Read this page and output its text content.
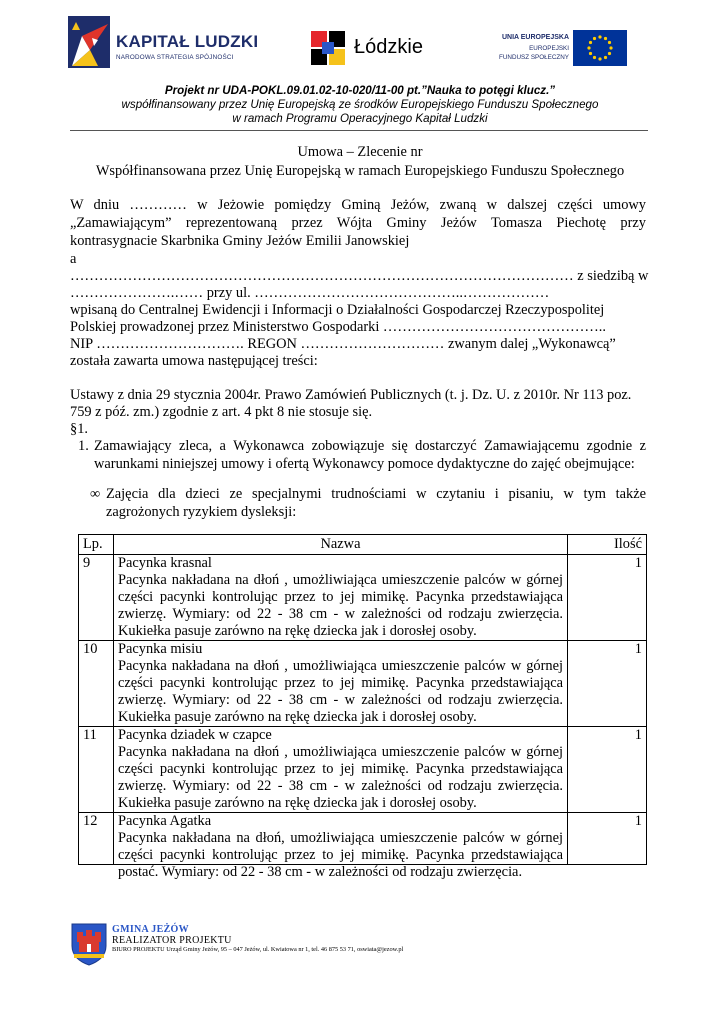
KAPITAŁ LUDZKI
NARODOWA STRATEGIA SPÓJNOŚCI	Łódzkie	UNIA EUROPEJSKA
EUROPEJSKI
FUNDUSZ SPOŁECZNY
Projekt nr UDA-POKL.09.01.02-10-020/11-00 pt.”Nauka to potęgi klucz.”
współfinansowany przez Unię Europejską ze środków Europejskiego Funduszu Społecznego
w ramach Programu Operacyjnego Kapitał Ludzki
Umowa – Zlecenie nr
Współfinansowana przez Unię Europejską w ramach Europejskiego Funduszu Społecznego
W dniu ………… w Jeżowie pomiędzy Gminą Jeżów, zwaną w dalszej części umowy
„Zamawiającym” reprezentowaną przez Wójta Gminy Jeżów Tomasza Piechotę przy
kontrasygnacie Skarbnika Gminy Jeżów Emilii Janowskiej
a
…………………………………………………………………………………………… z siedzibą w
………………….…… przy ul. ……………………………………..………………
wpisaną do Centralnej Ewidencji i Informacji o Działalności Gospodarczej Rzeczypospolitej
Polskiej prowadzonej przez Ministerstwo Gospodarki ………………………………………..
NIP …………………………. REGON ………………………… zwanym dalej „Wykonawcą”
została zawarta umowa następującej treści:
Ustawy z dnia 29 stycznia 2004r. Prawo Zamówień Publicznych (t. j. Dz. U. z 2010r. Nr 113 poz.
759 z póź. zm.) zgodnie z art. 4 pkt 8 nie stosuje się.
§1.
1. Zamawiający zleca, a Wykonawca zobowiązuje się dostarczyć Zamawiającemu zgodnie z warunkami niniejszej umowy i ofertą Wykonawcy pomoce dydaktyczne do zajęć obejmujące:
∞ Zajęcia dla dzieci ze specjalnymi trudnościami w czytaniu i pisaniu, w tym także zagrożonych ryzykiem dysleksji:
Lp.	Nazwa	Ilość
9	Pacynka krasnal
Pacynka nakładana na dłoń , umożliwiająca umieszczenie palców w górnej części pacynki kontrolując przez to jej mimikę. Pacynka przedstawiająca zwierzę. Wymiary: od 22 - 38 cm - w zależności od rodzaju zwierzęcia. Kukiełka pasuje zarówno na rękę dziecka jak i dorosłej osoby.	1
10	Pacynka misiu
Pacynka nakładana na dłoń , umożliwiająca umieszczenie palców w górnej części pacynki kontrolując przez to jej mimikę. Pacynka przedstawiająca zwierzę. Wymiary: od 22 - 38 cm - w zależności od rodzaju zwierzęcia. Kukiełka pasuje zarówno na rękę dziecka jak i dorosłej osoby.	1
11	Pacynka dziadek w czapce
Pacynka nakładana na dłoń , umożliwiająca umieszczenie palców w górnej części pacynki kontrolując przez to jej mimikę. Pacynka przedstawiająca zwierzę. Wymiary: od 22 - 38 cm - w zależności od rodzaju zwierzęcia. Kukiełka pasuje zarówno na rękę dziecka jak i dorosłej osoby.	1
12	Pacynka Agatka
Pacynka nakładana na dłoń, umożliwiająca umieszczenie palców w górnej części pacynki kontrolując przez to jej mimikę. Pacynka przedstawiająca postać. Wymiary: od 22 - 38 cm - w zależności od rodzaju zwierzęcia.	1
GMINA JEŻÓW
REALIZATOR PROJEKTU
BIURO PROJEKTU Urząd Gminy Jeżów, 95 – 047 Jeżów, ul. Kwiatowa nr 1, tel. 46 875 53 71, oswiata@jezow.pl
